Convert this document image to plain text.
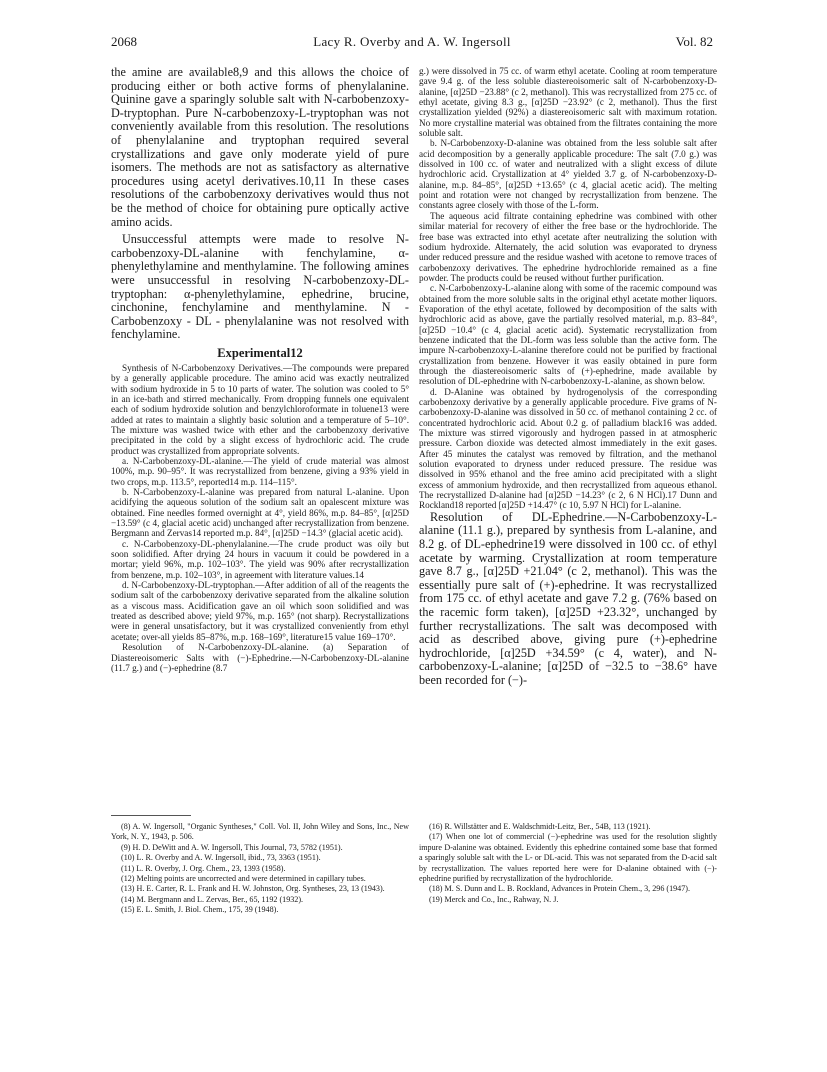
2068	Lacy R. Overby and A. W. Ingersoll	Vol. 82

the amine are available8,9 and this allows the choice of producing either or both active forms of phenylalanine. Quinine gave a sparingly soluble salt with N-carbobenzoxy-D-tryptophan. Pure N-carbobenzoxy-L-tryptophan was not conveniently available from this resolution. The resolutions of phenylalanine and tryptophan required several crystallizations and gave only moderate yield of pure isomers. The methods are not as satisfactory as alternative procedures using acetyl derivatives.10,11 In these cases resolutions of the carbobenzoxy derivatives would thus not be the method of choice for obtaining pure optically active amino acids.

Unsuccessful attempts were made to resolve N-carbobenzoxy-DL-alanine with fenchylamine, α-phenylethylamine and menthylamine. The following amines were unsuccessful in resolving N-carbobenzoxy-DL-tryptophan: α-phenylethylamine, ephedrine, brucine, cinchonine, fenchylamine and menthylamine. N - Carbobenzoxy - DL - phenylalanine was not resolved with fenchylamine.

Experimental12

Synthesis of N-Carbobenzoxy Derivatives.—The compounds were prepared by a generally applicable procedure. The amino acid was exactly neutralized with sodium hydroxide in 5 to 10 parts of water. The solution was cooled to 5° in an ice-bath and stirred mechanically. From dropping funnels one equivalent each of sodium hydroxide solution and benzylchloroformate in toluene13 were added at rates to maintain a slightly basic solution and a temperature of 5–10°. The mixture was washed twice with ether and the carbobenzoxy derivative precipitated in the cold by a slight excess of hydrochloric acid. The crude product was crystallized from appropriate solvents.

a. N-Carbobenzoxy-DL-alanine.—The yield of crude material was almost 100%, m.p. 90–95°. It was recrystallized from benzene, giving a 93% yield in two crops, m.p. 113.5°, reported14 m.p. 114–115°.

b. N-Carbobenzoxy-L-alanine was prepared from natural L-alanine. Upon acidifying the aqueous solution of the sodium salt an opalescent mixture was obtained. Fine needles formed overnight at 4°, yield 86%, m.p. 84–85°, [α]25D −13.59° (c 4, glacial acetic acid) unchanged after recrystallization from benzene. Bergmann and Zervas14 reported m.p. 84°, [α]25D −14.3° (glacial acetic acid).

c. N-Carbobenzoxy-DL-phenylalanine.—The crude product was oily but soon solidified. After drying 24 hours in vacuum it could be powdered in a mortar; yield 96%, m.p. 102–103°. The yield was 90% after recrystallization from benzene, m.p. 102–103°, in agreement with literature values.14

d. N-Carbobenzoxy-DL-tryptophan.—After addition of all of the reagents the sodium salt of the carbobenzoxy derivative separated from the alkaline solution as a viscous mass. Acidification gave an oil which soon solidified and was treated as described above; yield 97%, m.p. 165° (not sharp). Recrystallizations were in general unsatisfactory, but it was crystallized conveniently from ethyl acetate; over-all yields 85–87%, m.p. 168–169°, literature15 value 169–170°.

Resolution of N-Carbobenzoxy-DL-alanine. (a) Separation of Diastereoisomeric Salts with (−)-Ephedrine.—N-Carbobenzoxy-DL-alanine (11.7 g.) and (−)-ephedrine (8.7

g.) were dissolved in 75 cc. of warm ethyl acetate. Cooling at room temperature gave 9.4 g. of the less soluble diastereoisomeric salt of N-carbobenzoxy-D-alanine, [α]25D −23.88° (c 2, methanol). This was recrystallized from 275 cc. of ethyl acetate, giving 8.3 g., [α]25D −23.92° (c 2, methanol). Thus the first crystallization yielded (92%) a diastereoisomeric salt with maximum rotation. No more crystalline material was obtained from the filtrates containing the more soluble salt.

b. N-Carbobenzoxy-D-alanine was obtained from the less soluble salt after acid decomposition by a generally applicable procedure: The salt (7.0 g.) was dissolved in 100 cc. of water and neutralized with a slight excess of dilute hydrochloric acid. Crystallization at 4° yielded 3.7 g. of N-carbobenzoxy-D-alanine, m.p. 84–85°, [α]25D +13.65° (c 4, glacial acetic acid). The melting point and rotation were not changed by recrystallization from benzene. The constants agree closely with those of the L-form.

The aqueous acid filtrate containing ephedrine was combined with other similar material for recovery of either the free base or the hydrochloride. The free base was extracted into ethyl acetate after neutralizing the solution with sodium hydroxide. Alternately, the acid solution was evaporated to dryness under reduced pressure and the residue washed with acetone to remove traces of carbobenzoxy derivatives. The ephedrine hydrochloride remained as a fine powder. The products could be reused without further purification.

c. N-Carbobenzoxy-L-alanine along with some of the racemic compound was obtained from the more soluble salts in the original ethyl acetate mother liquors. Evaporation of the ethyl acetate, followed by decomposition of the salts with hydrochloric acid as above, gave the partially resolved material, m.p. 83–84°, [α]25D −10.4° (c 4, glacial acetic acid). Systematic recrystallization from benzene indicated that the DL-form was less soluble than the active form. The impure N-carbobenzoxy-L-alanine therefore could not be purified by fractional crystallization from benzene. However it was easily obtained in pure form through the diastereoisomeric salts of (+)-ephedrine, made available by resolution of DL-ephedrine with N-carbobenzoxy-L-alanine, as shown below.

d. D-Alanine was obtained by hydrogenolysis of the corresponding carbobenzoxy derivative by a generally applicable procedure. Five grams of N-carbobenzoxy-D-alanine was dissolved in 50 cc. of methanol containing 2 cc. of concentrated hydrochloric acid. About 0.2 g. of palladium black16 was added. The mixture was stirred vigorously and hydrogen passed in at atmospheric pressure. Carbon dioxide was detected almost immediately in the exit gases. After 45 minutes the catalyst was removed by filtration, and the methanol solution evaporated to dryness under reduced pressure. The residue was dissolved in 95% ethanol and the free amino acid precipitated with a slight excess of ammonium hydroxide, and then recrystallized from aqueous ethanol. The recrystallized D-alanine had [α]25D −14.23° (c 2, 6 N HCl).17 Dunn and Rockland18 reported [α]25D +14.47° (c 10, 5.97 N HCl) for L-alanine.

Resolution of DL-Ephedrine.—N-Carbobenzoxy-L-alanine (11.1 g.), prepared by synthesis from L-alanine, and 8.2 g. of DL-ephedrine19 were dissolved in 100 cc. of ethyl acetate by warming. Crystallization at room temperature gave 8.7 g., [α]25D +21.04° (c 2, methanol). This was the essentially pure salt of (+)-ephedrine. It was recrystallized from 175 cc. of ethyl acetate and gave 7.2 g. (76% based on the racemic form taken), [α]25D +23.32°, unchanged by further recrystallizations. The salt was decomposed with acid as described above, giving pure (+)-ephedrine hydrochloride, [α]25D +34.59° (c 4, water), and N-carbobenzoxy-L-alanine; [α]25D of −32.5 to −38.6° have been recorded for (−)-

(8) A. W. Ingersoll, "Organic Syntheses," Coll. Vol. II, John Wiley and Sons, Inc., New York, N. Y., 1943, p. 506.

(9) H. D. DeWitt and A. W. Ingersoll, This Journal, 73, 5782 (1951).

(10) L. R. Overby and A. W. Ingersoll, ibid., 73, 3363 (1951).

(11) L. R. Overby, J. Org. Chem., 23, 1393 (1958).

(12) Melting points are uncorrected and were determined in capillary tubes.

(13) H. E. Carter, R. L. Frank and H. W. Johnston, Org. Syntheses, 23, 13 (1943).

(14) M. Bergmann and L. Zervas, Ber., 65, 1192 (1932).

(15) E. L. Smith, J. Biol. Chem., 175, 39 (1948).

(16) R. Willstätter and E. Waldschmidt-Leitz, Ber., 54B, 113 (1921).

(17) When one lot of commercial (−)-ephedrine was used for the resolution slightly impure D-alanine was obtained. Evidently this ephedrine contained some base that formed a sparingly soluble salt with the L- or DL-acid. This was not separated from the D-acid salt by recrystallization. The values reported here were for D-alanine obtained with (−)-ephedrine purified by recrystallization of the hydrochloride.

(18) M. S. Dunn and L. B. Rockland, Advances in Protein Chem., 3, 296 (1947).

(19) Merck and Co., Inc., Rahway, N. J.
